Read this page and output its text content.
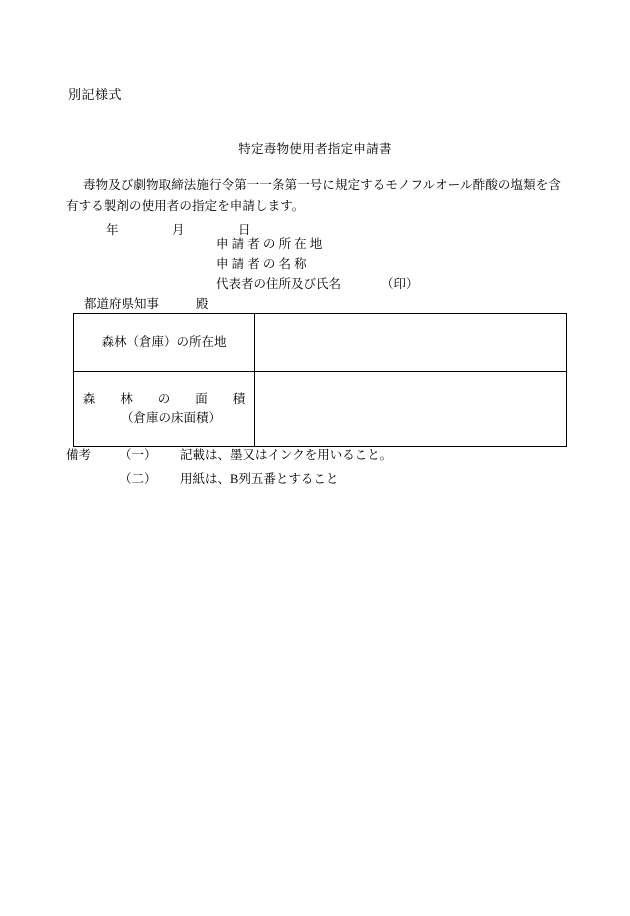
別記様式
特定毒物使用者指定申請書
毒物及び劇物取締法施行令第一一条第一号に規定するモノフルオール酢酸の塩類を含有する製剤の使用者の指定を申請します。
年	月	日
申 請 者 の 所 在 地
申 請 者 の 名 称
代表者の住所及び氏名	（印）
都道府県知事	殿
森林（倉庫）の所在地	

森　　林　　の　　面　　積
（倉庫の床面積）	

備考 （一） 記載は、墨又はインクを用いること。
（二） 用紙は、B列五番とすること
